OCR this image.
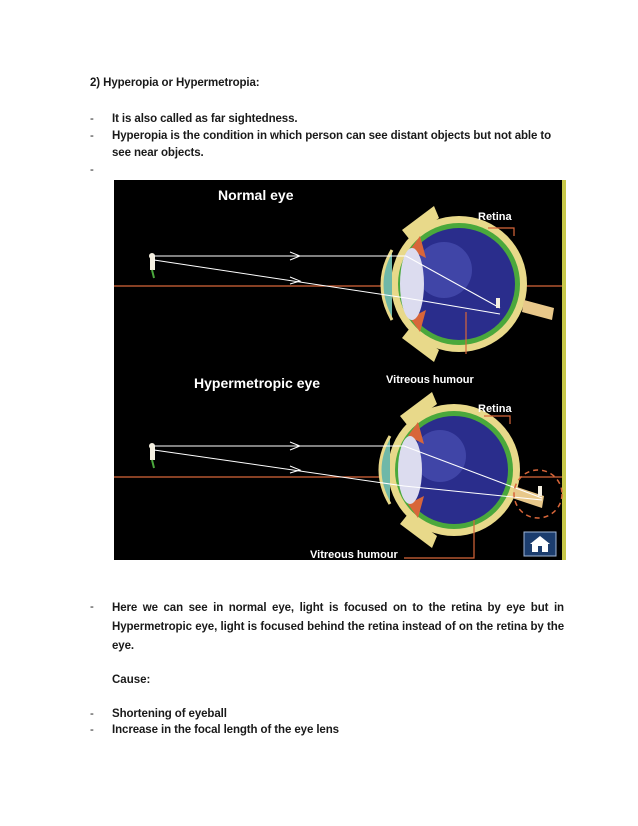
2) Hyperopia or Hypermetropia:
- It is also called as far sightedness.
- Hyperopia is the condition in which person can see distant objects but not able to see near objects.
-
Normal eye
Retina
Vitreous humour
Hypermetropic eye
Retina
Vitreous humour
- Here we can see in normal eye, light is focused on to the retina by eye but in Hypermetropic eye, light is focused behind the retina instead of on the retina by the eye.
Cause:
- Shortening of eyeball
- Increase in the focal length of the eye lens
